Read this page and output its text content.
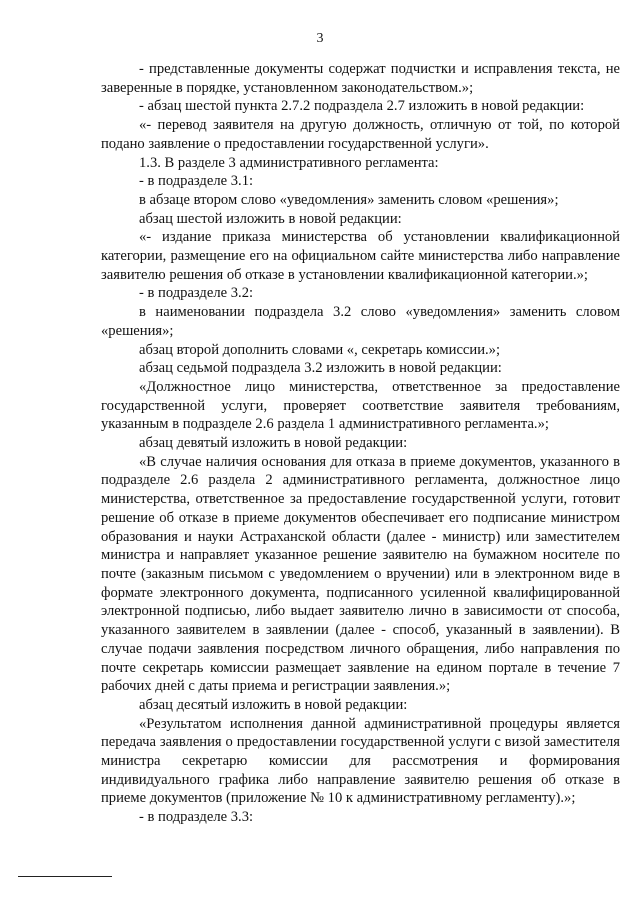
3

- представленные документы содержат подчистки и исправления текста, не заверенные в порядке, установленном законодательством.»;

- абзац шестой пункта 2.7.2 подраздела 2.7 изложить в новой редакции:

«- перевод заявителя на другую должность, отличную от той, по которой подано заявление о предоставлении государственной услуги».

1.3. В разделе 3 административного регламента:

- в подразделе 3.1:

в абзаце втором слово «уведомления» заменить словом «решения»;

абзац шестой изложить в новой редакции:

«- издание приказа министерства об установлении квалификационной категории, размещение его на официальном сайте министерства либо направление заявителю решения об отказе в установлении квалификационной категории.»;

- в подразделе 3.2:

в наименовании подраздела 3.2 слово «уведомления» заменить словом «решения»;

абзац второй дополнить словами «, секретарь комиссии.»;

абзац седьмой подраздела 3.2 изложить в новой редакции:

«Должностное лицо министерства, ответственное за предоставление государственной услуги, проверяет соответствие заявителя требованиям, указанным в подразделе 2.6 раздела 1 административного регламента.»;

абзац девятый изложить в новой редакции:

«В случае наличия основания для отказа в приеме документов, указанного в подразделе 2.6 раздела 2 административного регламента, должностное лицо министерства, ответственное за предоставление государственной услуги, готовит решение об отказе в приеме документов обеспечивает его подписание министром образования и науки Астраханской области (далее - министр) или заместителем министра и направляет указанное решение заявителю на бумажном носителе по почте (заказным письмом с уведомлением о вручении) или в электронном виде в формате электронного документа, подписанного усиленной квалифицированной электронной подписью, либо выдает заявителю лично в зависимости от способа, указанного заявителем в заявлении (далее - способ, указанный в заявлении). В случае подачи заявления посредством личного обращения, либо направления по почте секретарь комиссии размещает заявление на едином портале в течение 7 рабочих дней с даты приема и регистрации заявления.»;

абзац десятый изложить в новой редакции:

«Результатом исполнения данной административной процедуры является передача заявления о предоставлении государственной услуги с визой заместителя министра секретарю комиссии для рассмотрения и формирования индивидуального графика либо направление заявителю решения об отказе в приеме документов (приложение № 10 к административному регламенту).»;

- в подразделе 3.3:
